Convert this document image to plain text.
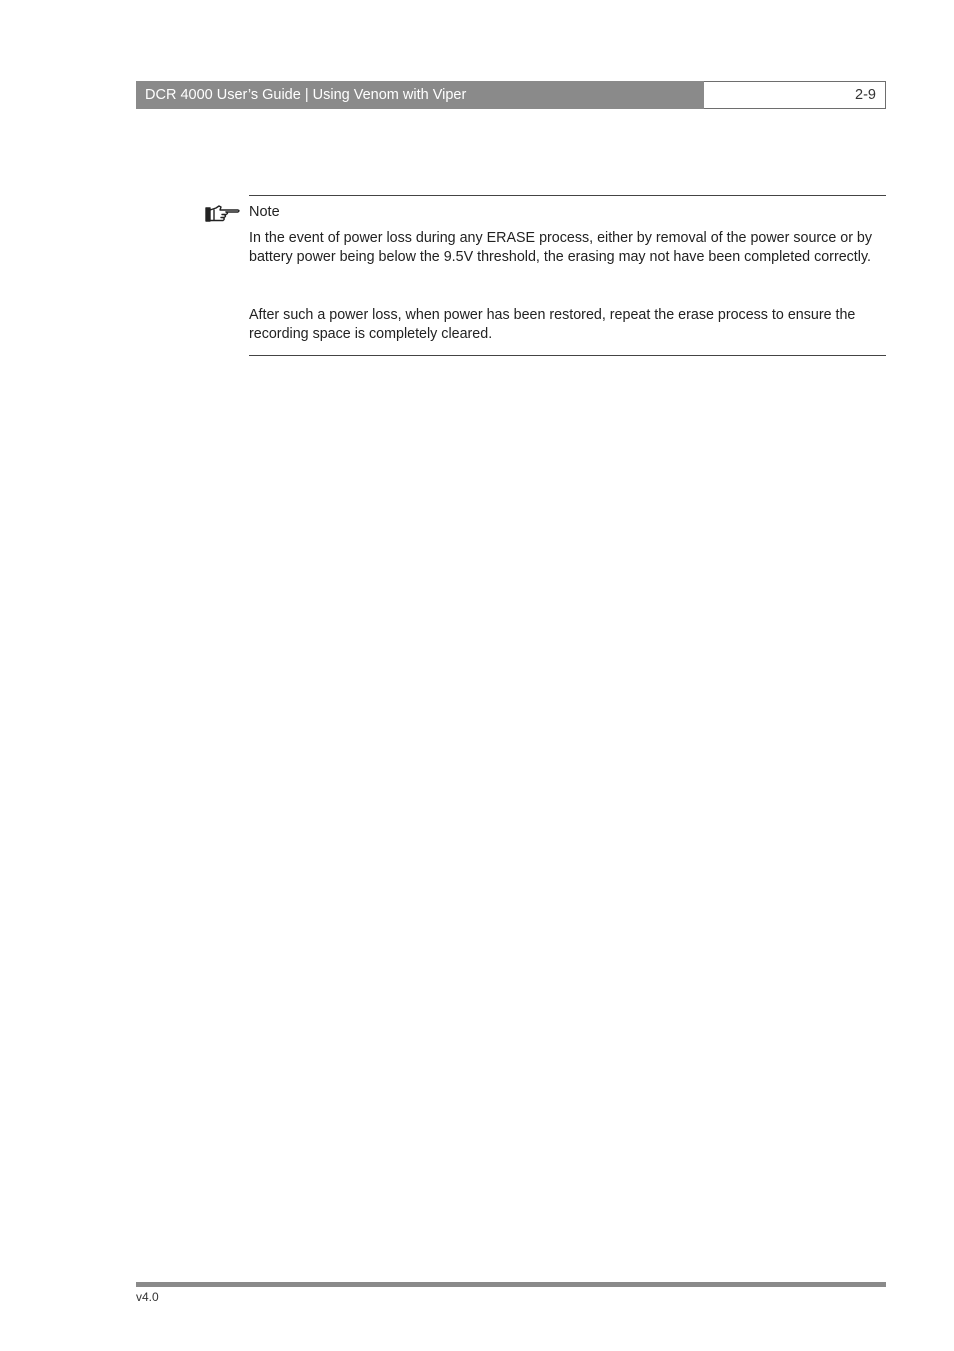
DCR 4000 User’s Guide | Using Venom with Viper	2-9
Note

In the event of power loss during any ERASE process, either by removal of the power source or by battery power being below the 9.5V threshold, the erasing may not have been completed correctly.

After such a power loss, when power has been restored, repeat the erase process to ensure the recording space is completely cleared.

v4.0
